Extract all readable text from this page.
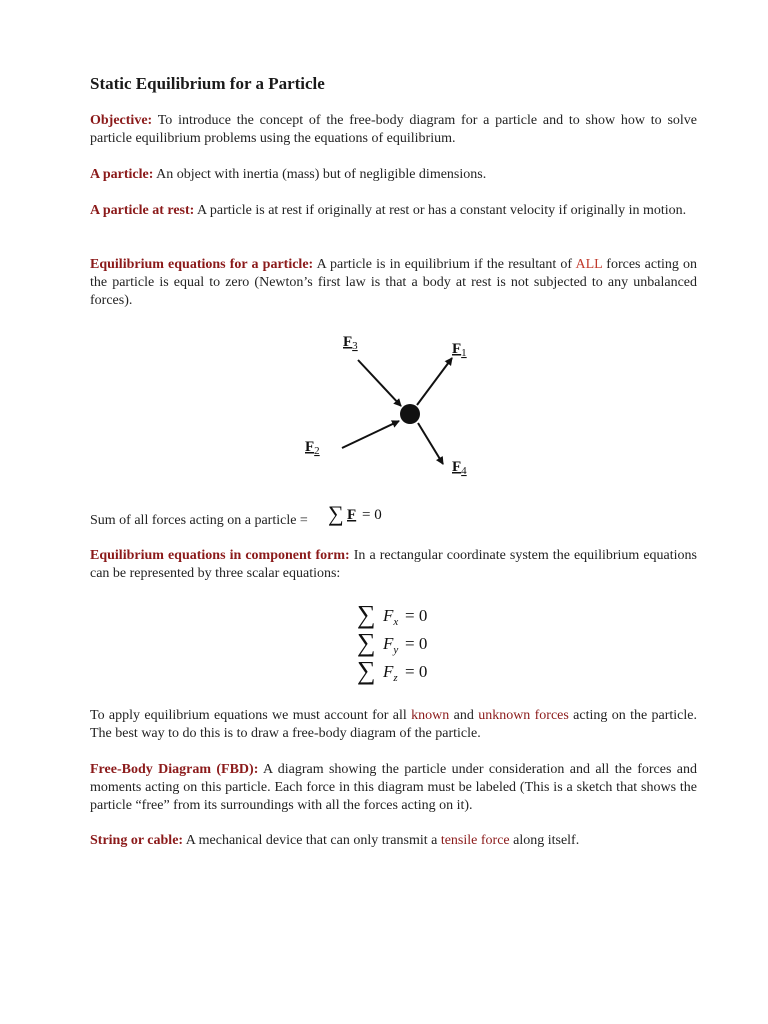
Static Equilibrium for a Particle

Objective: To introduce the concept of the free-body diagram for a particle and to show how to solve particle equilibrium problems using the equations of equilibrium.

A particle: An object with inertia (mass) but of negligible dimensions.

A particle at rest: A particle is at rest if originally at rest or has a constant velocity if originally in motion.

Equilibrium equations for a particle: A particle is in equilibrium if the resultant of ALL forces acting on the particle is equal to zero (Newton’s first law is that a body at rest is not subjected to any unbalanced forces).

$F_3$	$F_1$
$F_2$
$F_4$
Sum of all forces acting on a particle = ∑ F = 0
∑ $F_x = 0$
∑ $F_y = 0$
∑ $F_z = 0$

Equilibrium equations in component form: In a rectangular coordinate system the equilibrium equations can be represented by three scalar equations:

To apply equilibrium equations we must account for all known and unknown forces acting on the particle. The best way to do this is to draw a free-body diagram of the particle.

Free-Body Diagram (FBD): A diagram showing the particle under consideration and all the forces and moments acting on this particle. Each force in this diagram must be labeled (This is a sketch that shows the particle “free” from its surroundings with all the forces acting on it).

String or cable: A mechanical device that can only transmit a tensile force along itself.
